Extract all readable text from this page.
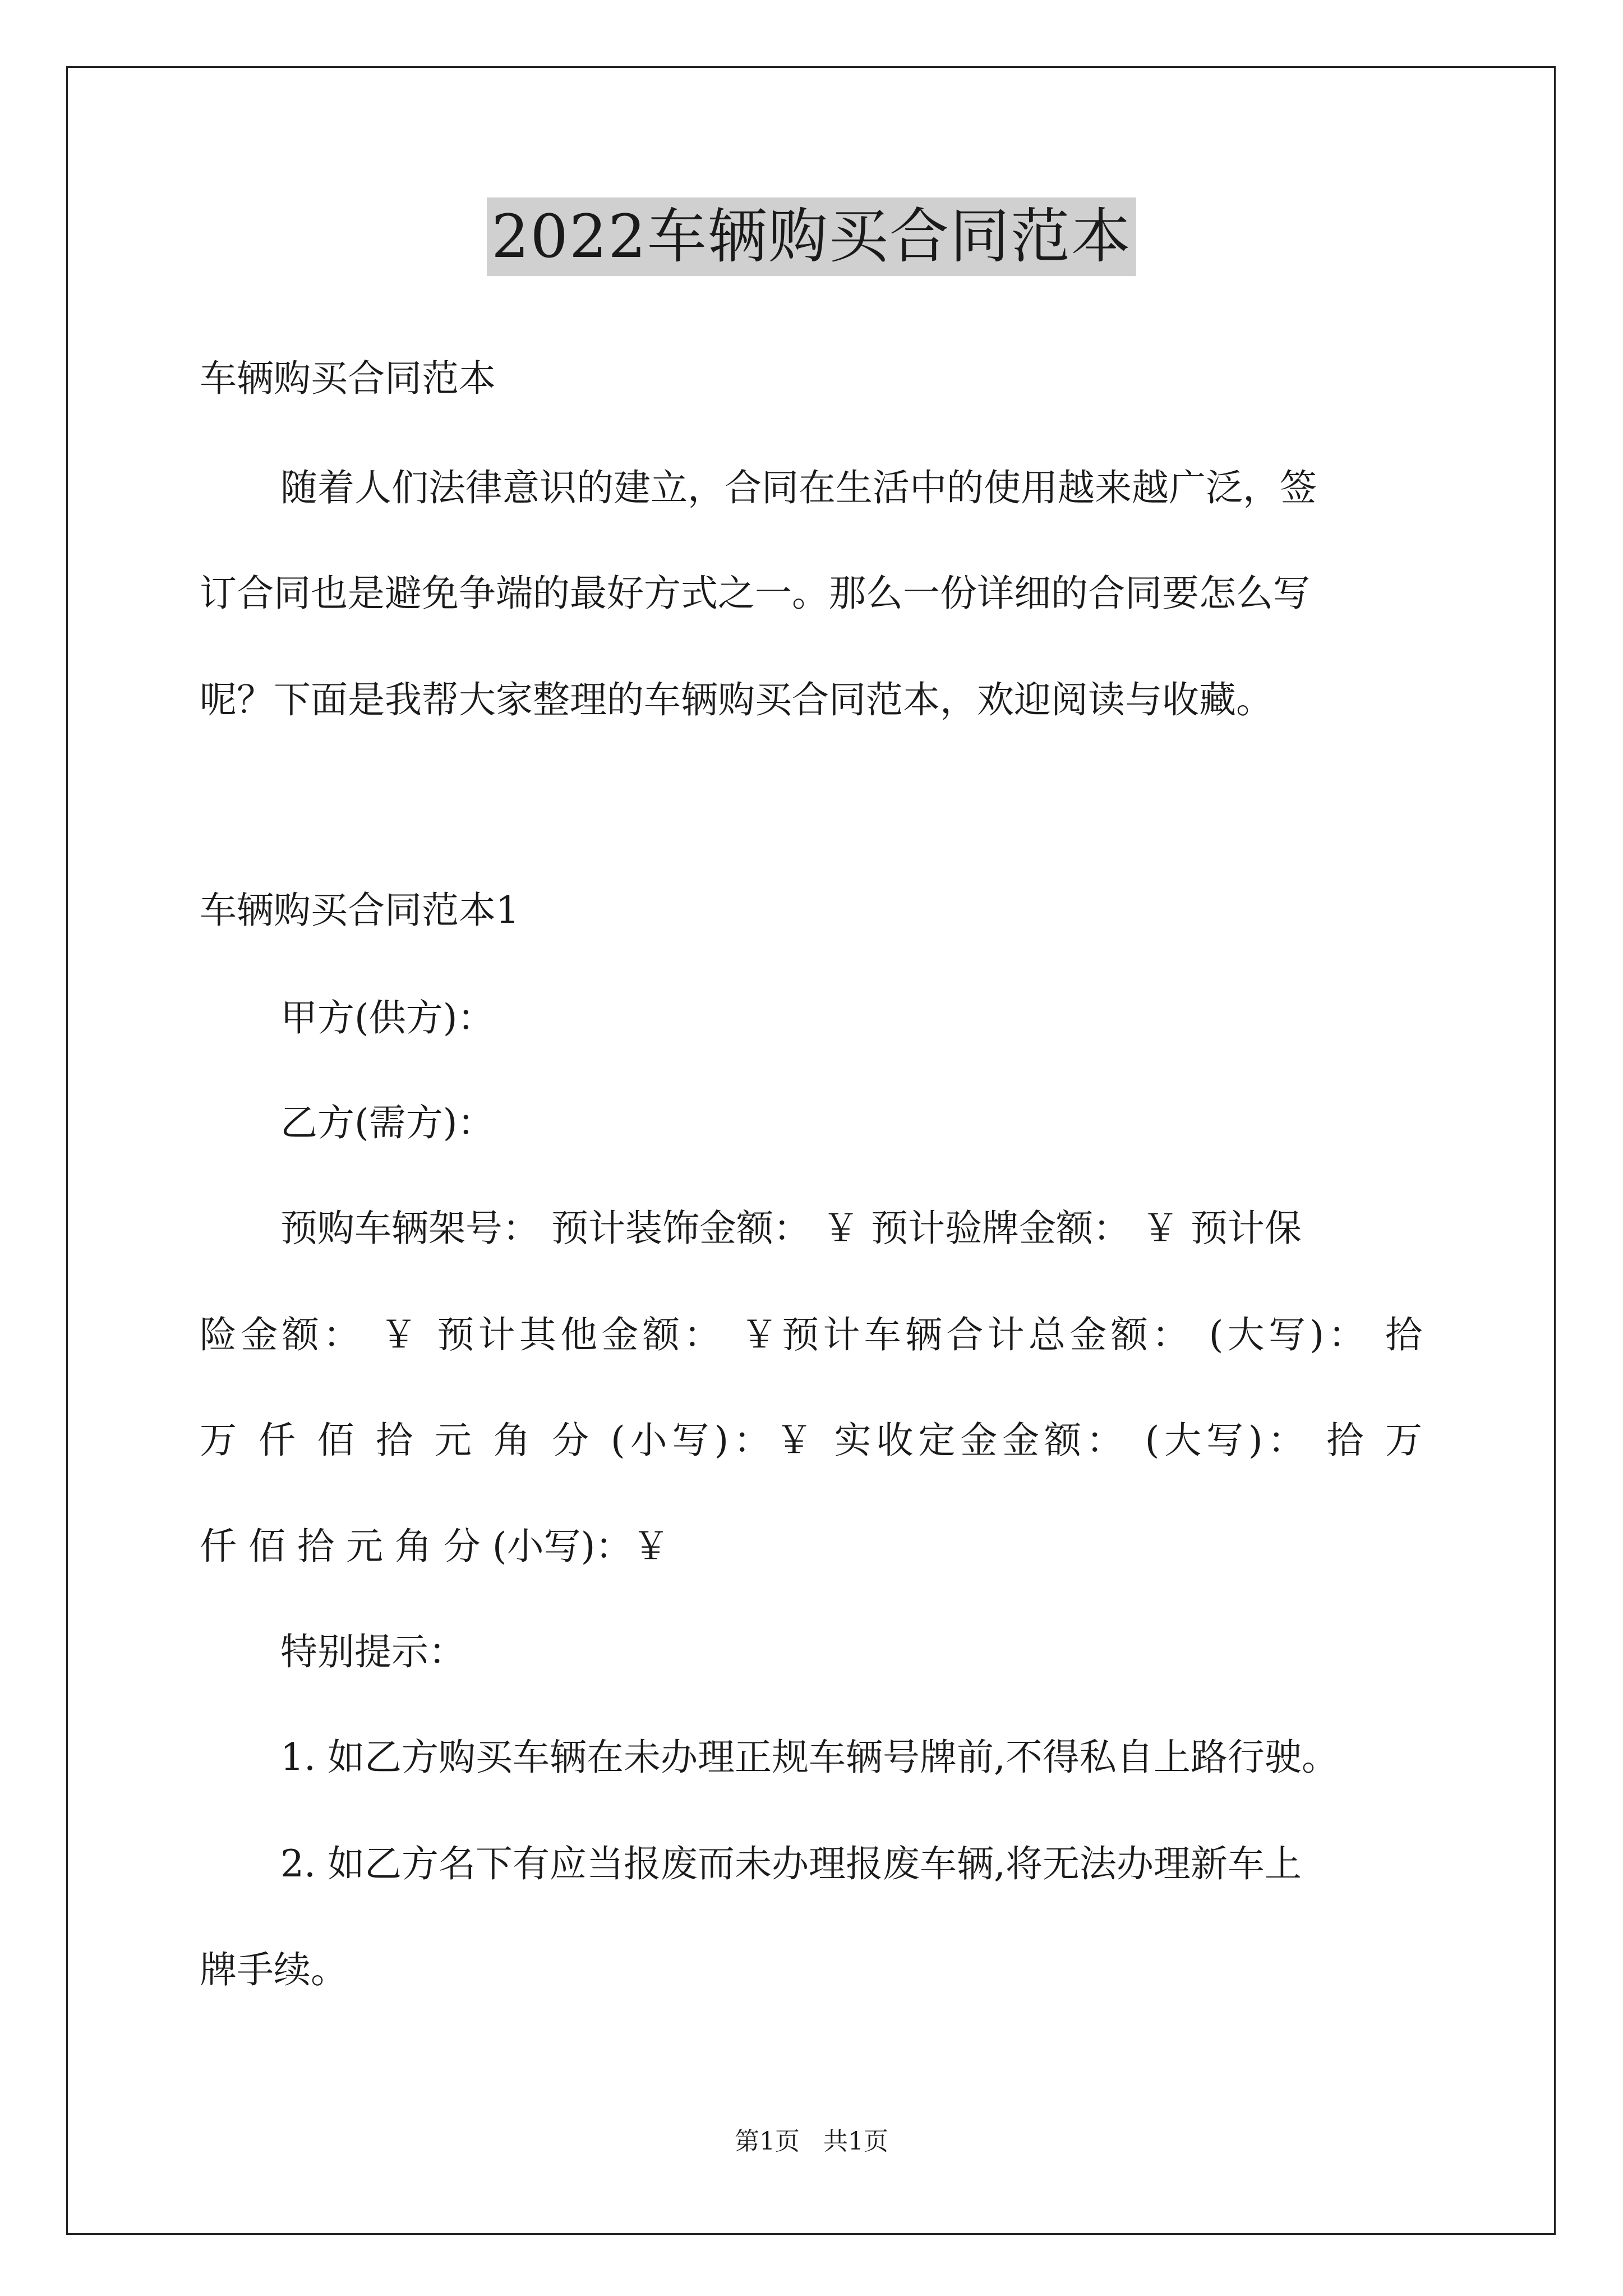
2022车辆购买合同范本
车辆购买合同范本
随着人们法律意识的建立，合同在生活中的使用越来越广泛，签
订合同也是避免争端的最好方式之一。那么一份详细的合同要怎么写
呢？下面是我帮大家整理的车辆购买合同范本，欢迎阅读与收藏。
车辆购买合同范本1
甲方(供方)：
乙方(需方)：
预购车辆架号： 预计装饰金额： ￥ 预计验牌金额： ￥ 预计保
险金额： ￥ 预计其他金额： ￥预计车辆合计总金额： (大写)： 拾
万 仟 佰 拾 元 角 分 (小写)：￥ 实收定金金额： (大写)： 拾 万
仟 佰 拾 元 角 分 (小写)：￥
特别提示：
1. 如乙方购买车辆在未办理正规车辆号牌前,不得私自上路行驶。
2. 如乙方名下有应当报废而未办理报废车辆,将无法办理新车上
牌手续。
第1页   共1页
